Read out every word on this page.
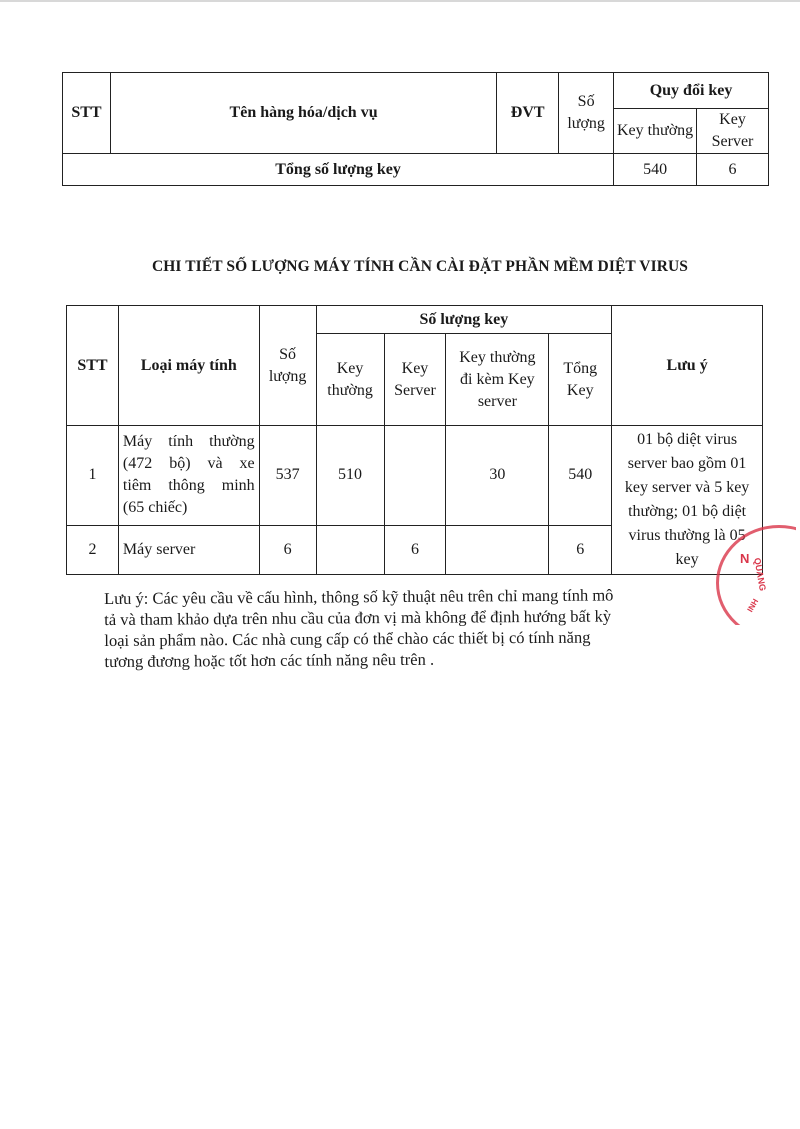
STT	Tên hàng hóa/dịch vụ	ĐVT	Số lượng	Quy đổi key	
				Key thường	Key Server
Tổng số lượng key				540	6
CHI TIẾT SỐ LƯỢNG MÁY TÍNH CẦN CÀI ĐẶT PHẦN MỀM DIỆT VIRUS
STT	Loại máy tính	Số lượng	Số lượng key				Lưu ý
			Key thường	Key Server	Key thường đi kèm Key server	Tổng Key	
1	Máy tính thường
(472 bộ) và xe
tiêm thông minh
(65 chiếc)	537	510		30	540	01 bộ diệt virus server bao gồm 01 key server và 5 key thường; 01 bộ diệt virus thường là 05 key
2	Máy server	6		6		6	
N QUANG
INH
Lưu ý: Các yêu cầu về cấu hình, thông số kỹ thuật nêu trên chỉ mang tính mô
tả và tham khảo dựa trên nhu cầu của đơn vị mà không để định hướng bất kỳ
loại sản phẩm nào. Các nhà cung cấp có thể chào các thiết bị có tính năng
tương đương hoặc tốt hơn các tính năng nêu trên .
